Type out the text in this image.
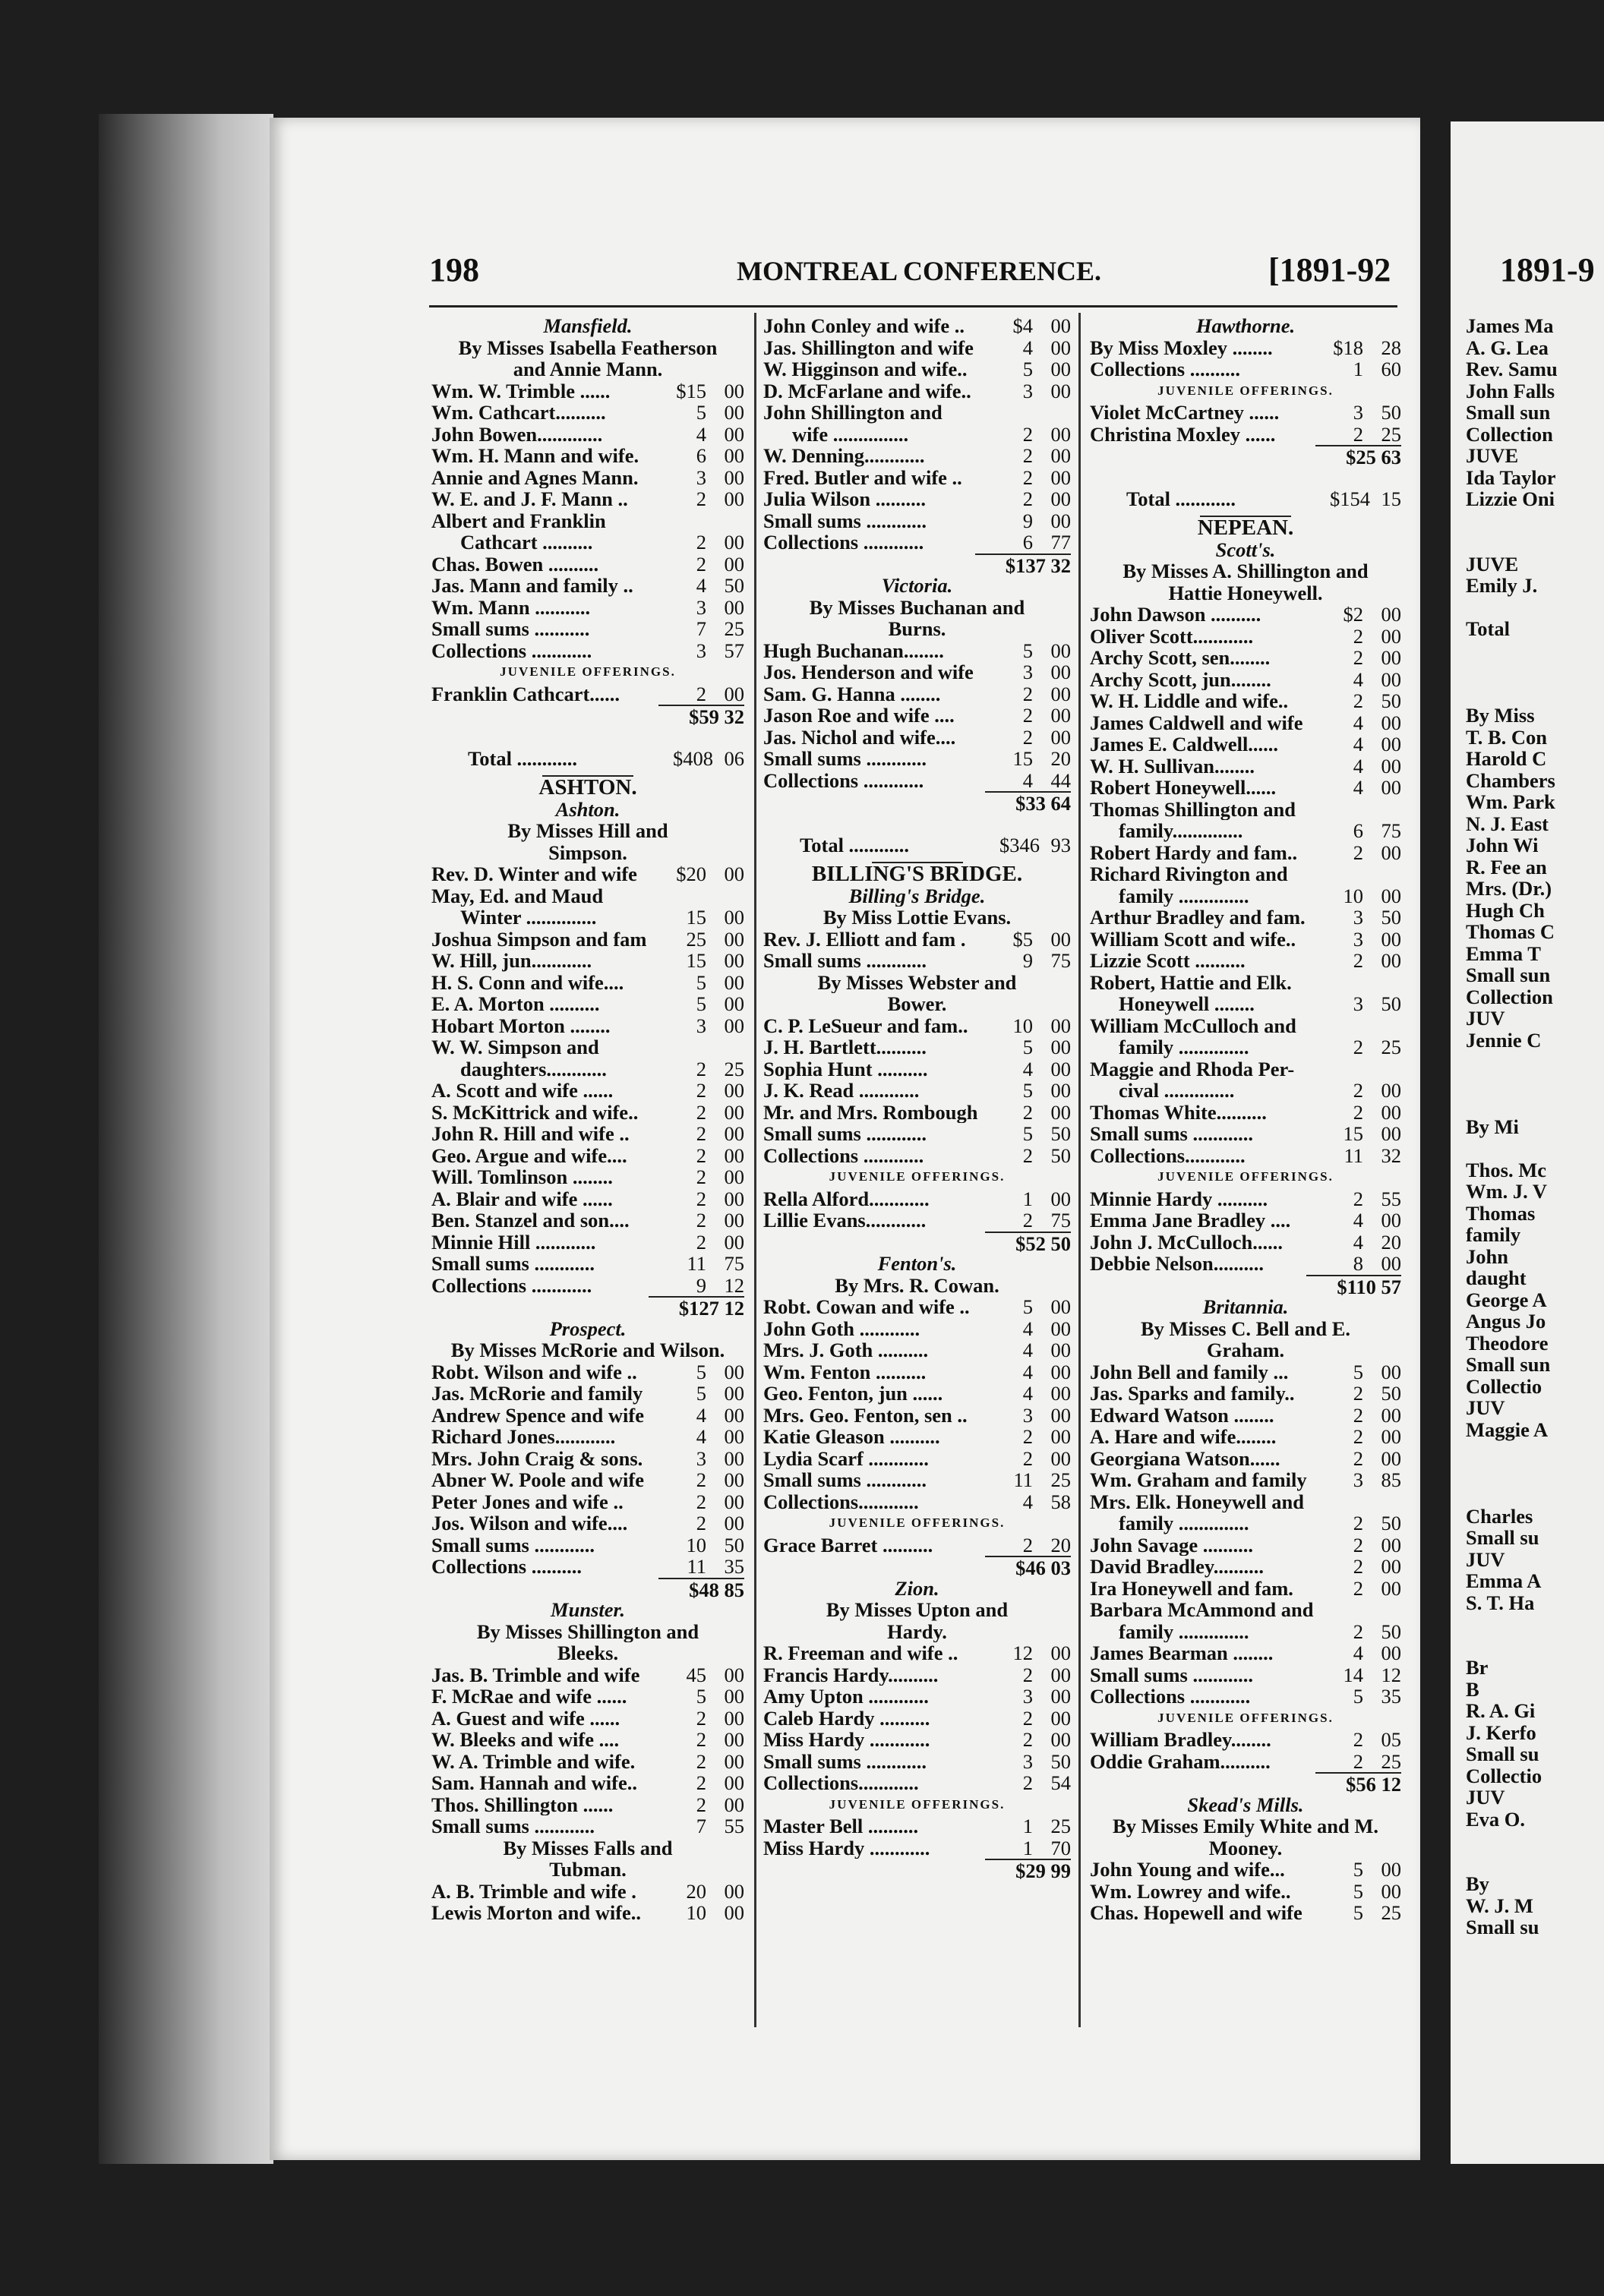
198	MONTREAL CONFERENCE.	[1891-92	1891-9
Mansfield.
By Misses Isabella Featherson
and Annie Mann.
Wm. W. Trimble ......	$15 00
Wm. Cathcart..........	5 00
John Bowen.............	4 00
Wm. H. Mann and wife.	6 00
Annie and Agnes Mann.	3 00
W. E. and J. F. Mann ..	2 00
Albert and Franklin
Cathcart ..........	2 00
Chas. Bowen ..........	2 00
Jas. Mann and family ..	4 50
Wm. Mann ...........	3 00
Small sums ...........	7 25
Collections ............	3 57
JUVENILE OFFERINGS.
Franklin Cathcart......	2 00
$59 32
Total ............	$408 06
ASHTON.
Ashton.
By Misses Hill and
Simpson.
Rev. D. Winter and wife	$20 00
May, Ed. and Maud
Winter ..............	15 00
Joshua Simpson and fam	25 00
W. Hill, jun............	15 00
H. S. Conn and wife....	5 00
E. A. Morton ..........	5 00
Hobart Morton ........	3 00
W. W. Simpson and
daughters............	2 25
A. Scott and wife ......	2 00
S. McKittrick and wife..	2 00
John R. Hill and wife ..	2 00
Geo. Argue and wife....	2 00
Will. Tomlinson ........	2 00
A. Blair and wife ......	2 00
Ben. Stanzel and son....	2 00
Minnie Hill ............	2 00
Small sums ............	11 75
Collections ............	9 12
$127 12
Prospect.
By Misses McRorie and Wilson.
Robt. Wilson and wife ..	5 00
Jas. McRorie and family	5 00
Andrew Spence and wife	4 00
Richard Jones............	4 00
Mrs. John Craig & sons.	3 00
Abner W. Poole and wife	2 00
Peter Jones and wife ..	2 00
Jos. Wilson and wife....	2 00
Small sums ............	10 50
Collections ..........	11 35
$48 85
Munster.
By Misses Shillington and
Bleeks.
Jas. B. Trimble and wife	45 00
F. McRae and wife ......	5 00
A. Guest and wife ......	2 00
W. Bleeks and wife ....	2 00
W. A. Trimble and wife.	2 00
Sam. Hannah and wife..	2 00
Thos. Shillington ......	2 00
Small sums ............	7 55
By Misses Falls and
Tubman.
A. B. Trimble and wife .	20 00
Lewis Morton and wife..	10 00
John Conley and wife ..	$4 00
Jas. Shillington and wife	4 00
W. Higginson and wife..	5 00
D. McFarlane and wife..	3 00
John Shillington and
wife ...............	2 00
W. Denning............	2 00
Fred. Butler and wife ..	2 00
Julia Wilson ..........	2 00
Small sums ............	9 00
Collections ............	6 77
$137 32
Victoria.
By Misses Buchanan and
Burns.
Hugh Buchanan........	5 00
Jos. Henderson and wife	3 00
Sam. G. Hanna ........	2 00
Jason Roe and wife ....	2 00
Jas. Nichol and wife....	2 00
Small sums ............	15 20
Collections ............	4 44
$33 64
Total ............	$346 93
BILLING'S BRIDGE.
Billing's Bridge.
By Miss Lottie Evans.
Rev. J. Elliott and fam .	$5 00
Small sums ............	9 75
By Misses Webster and
Bower.
C. P. LeSueur and fam..	10 00
J. H. Bartlett..........	5 00
Sophia Hunt ..........	4 00
J. K. Read ............	5 00
Mr. and Mrs. Rombough	2 00
Small sums ............	5 50
Collections ............	2 50
JUVENILE OFFERINGS.
Rella Alford............	1 00
Lillie Evans............	2 75
$52 50
Fenton's.
By Mrs. R. Cowan.
Robt. Cowan and wife ..	5 00
John Goth ............	4 00
Mrs. J. Goth ..........	4 00
Wm. Fenton ..........	4 00
Geo. Fenton, jun ......	4 00
Mrs. Geo. Fenton, sen ..	3 00
Katie Gleason ..........	2 00
Lydia Scarf ............	2 00
Small sums ............	11 25
Collections............	4 58
JUVENILE OFFERINGS.
Grace Barret ..........	2 20
$46 03
Zion.
By Misses Upton and
Hardy.
R. Freeman and wife ..	12 00
Francis Hardy..........	2 00
Amy Upton ............	3 00
Caleb Hardy ..........	2 00
Miss Hardy ............	2 00
Small sums ............	3 50
Collections............	2 54
JUVENILE OFFERINGS.
Master Bell ..........	1 25
Miss Hardy ............	1 70
$29 99
Hawthorne.
By Miss Moxley ........	$18 28
Collections ..........	1 60
JUVENILE OFFERINGS.
Violet McCartney ......	3 50
Christina Moxley ......	2 25
$25 63
Total ............	$154 15
NEPEAN.
Scott's.
By Misses A. Shillington and
Hattie Honeywell.
John Dawson ..........	$2 00
Oliver Scott............	2 00
Archy Scott, sen........	2 00
Archy Scott, jun........	4 00
W. H. Liddle and wife..	2 50
James Caldwell and wife	4 00
James E. Caldwell......	4 00
W. H. Sullivan........	4 00
Robert Honeywell......	4 00
Thomas Shillington and
family..............	6 75
Robert Hardy and fam..	2 00
Richard Rivington and
family ..............	10 00
Arthur Bradley and fam.	3 50
William Scott and wife..	3 00
Lizzie Scott ..........	2 00
Robert, Hattie and Elk.
Honeywell ........	3 50
William McCulloch and
family ..............	2 25
Maggie and Rhoda Per-
cival ..............	2 00
Thomas White..........	2 00
Small sums ............	15 00
Collections............	11 32
JUVENILE OFFERINGS.
Minnie Hardy ..........	2 55
Emma Jane Bradley ....	4 00
John J. McCulloch......	4 20
Debbie Nelson..........	8 00
$110 57
Britannia.
By Misses C. Bell and E.
Graham.
John Bell and family ...	5 00
Jas. Sparks and family..	2 50
Edward Watson ........	2 00
A. Hare and wife........	2 00
Georgiana Watson......	2 00
Wm. Graham and family	3 85
Mrs. Elk. Honeywell and
family ..............	2 50
John Savage ..........	2 00
David Bradley..........	2 00
Ira Honeywell and fam.	2 00
Barbara McAmmond and
family ..............	2 50
James Bearman ........	4 00
Small sums ............	14 12
Collections ............	5 35
JUVENILE OFFERINGS.
William Bradley........	2 05
Oddie Graham..........	2 25
$56 12
Skead's Mills.
By Misses Emily White and M.
Mooney.
John Young and wife...	5 00
Wm. Lowrey and wife..	5 00
Chas. Hopewell and wife	5 25
James Ma
A. G. Lea
Rev. Samu
John Falls
Small sun
Collection
JUVE
Ida Taylor
Lizzie Oni
JUVE
Emily J.
Total
By Miss
T. B. Con
Harold C
Chambers
Wm. Park
N. J. East
John Wi
R. Fee an
Mrs. (Dr.)
Hugh Ch
Thomas C
Emma T
Small sun
Collection
JUV
Jennie C
By Mi
Thos. Mc
Wm. J. V
Thomas
family
John
daught
George A
Angus Jo
Theodore
Small sun
Collectio
JUV
Maggie A
Charles
Small su
JUV
Emma A
S. T. Ha
Br
B
R. A. Gi
J. Kerfo
Small su
Collectio
JUV
Eva O.
By
W. J. M
Small su
